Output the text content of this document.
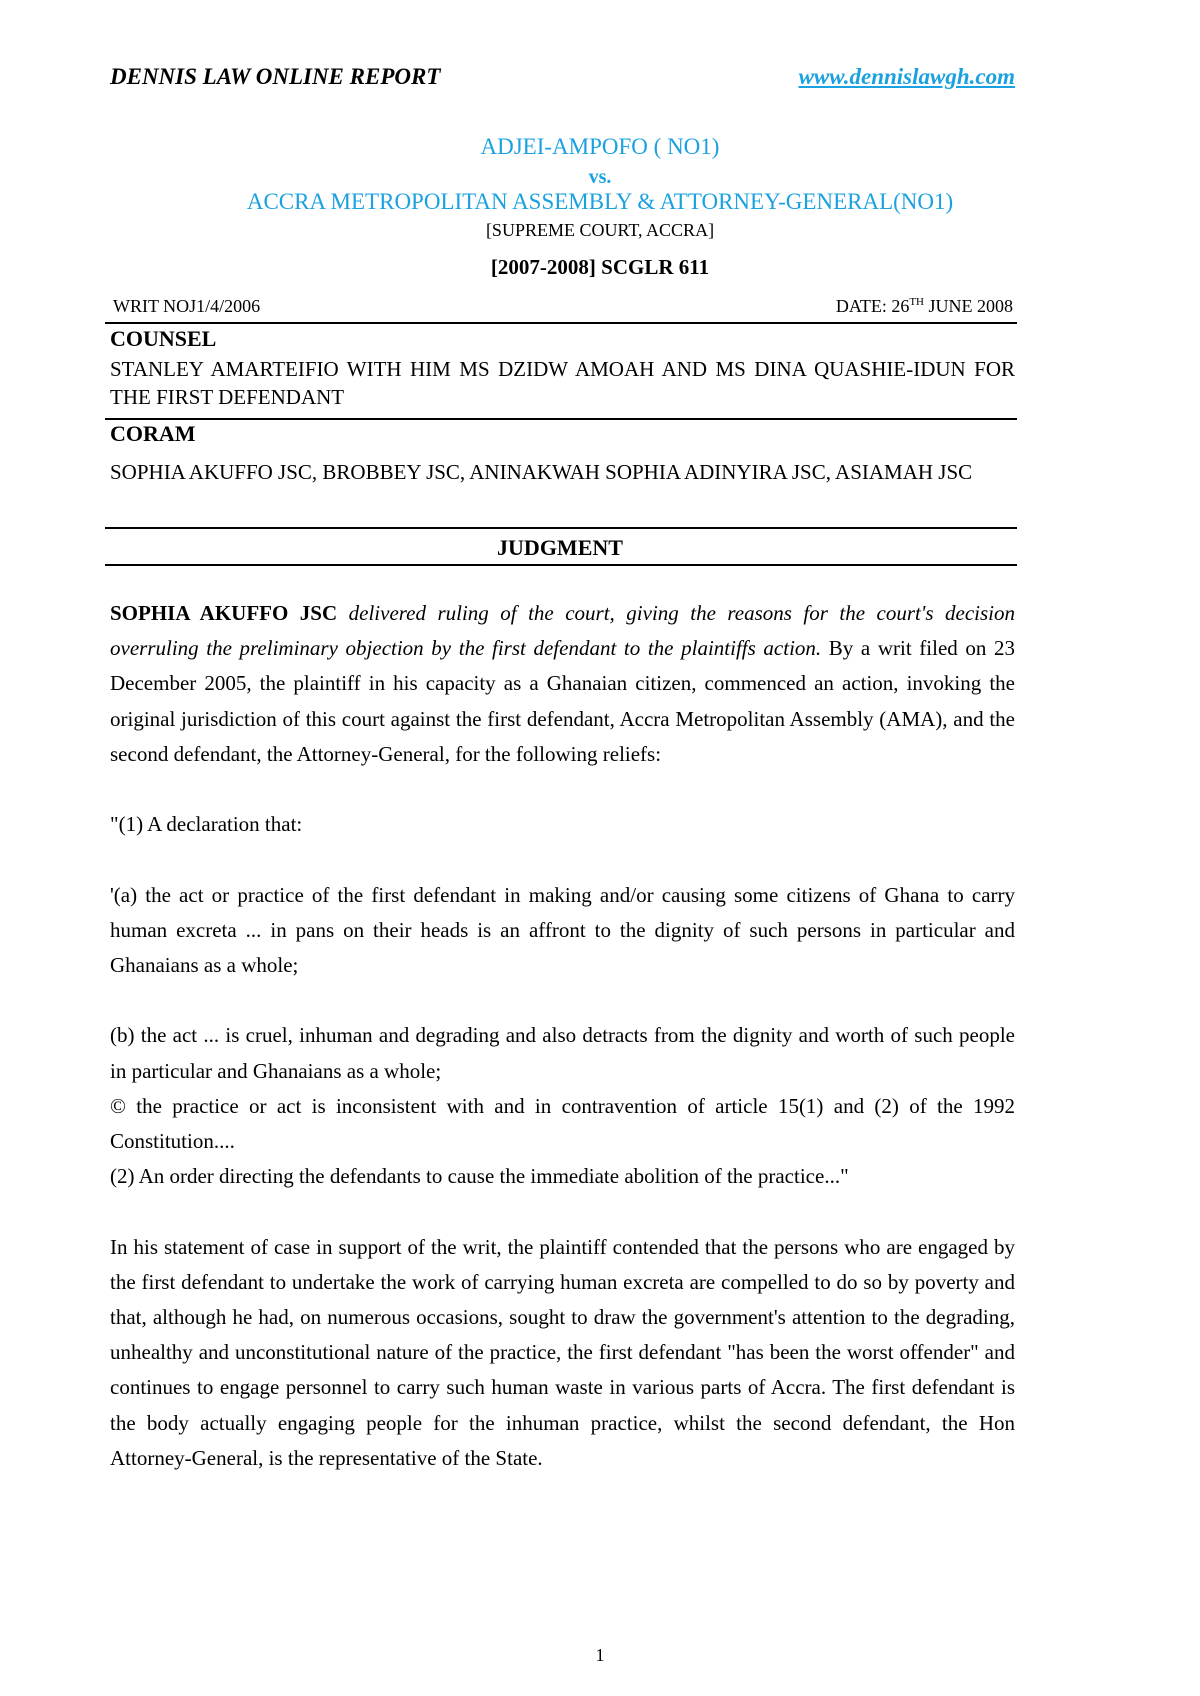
DENNIS LAW ONLINE REPORT	www.dennislawgh.com
ADJEI-AMPOFO ( NO1)
vs.
ACCRA METROPOLITAN ASSEMBLY & ATTORNEY-GENERAL(NO1)
[SUPREME COURT, ACCRA]
[2007-2008] SCGLR 611
WRIT NOJ1/4/2006	DATE: 26TH JUNE 2008
COUNSEL
STANLEY AMARTEIFIO WITH HIM MS DZIDW AMOAH AND MS DINA QUASHIE-IDUN FOR THE FIRST DEFENDANT
CORAM
SOPHIA AKUFFO JSC, BROBBEY JSC, ANINAKWAH SOPHIA ADINYIRA JSC, ASIAMAH JSC
JUDGMENT

SOPHIA AKUFFO JSC delivered ruling of the court, giving the reasons for the court's decision overruling the preliminary objection by the first defendant to the plaintiffs action. By a writ filed on 23 December 2005, the plaintiff in his capacity as a Ghanaian citizen, commenced an action, invoking the original jurisdiction of this court against the first defendant, Accra Metropolitan Assembly (AMA), and the second defendant, the Attorney-General, for the following reliefs:

"(1) A declaration that:

'(a) the act or practice of the first defendant in making and/or causing some citizens of Ghana to carry human excreta ... in pans on their heads is an affront to the dignity of such persons in particular and Ghanaians as a whole;

(b) the act ... is cruel, inhuman and degrading and also detracts from the dignity and worth of such people in particular and Ghanaians as a whole;

© the practice or act is inconsistent with and in contravention of article 15(1) and (2) of the 1992 Constitution....

(2) An order directing the defendants to cause the immediate abolition of the practice..."

In his statement of case in support of the writ, the plaintiff contended that the persons who are engaged by the first defendant to undertake the work of carrying human excreta are compelled to do so by poverty and that, although he had, on numerous occasions, sought to draw the government's attention to the degrading, unhealthy and unconstitutional nature of the practice, the first defendant "has been the worst offender" and continues to engage personnel to carry such human waste in various parts of Accra. The first defendant is the body actually engaging people for the inhuman practice, whilst the second defendant, the Hon Attorney-General, is the representative of the State.

1
